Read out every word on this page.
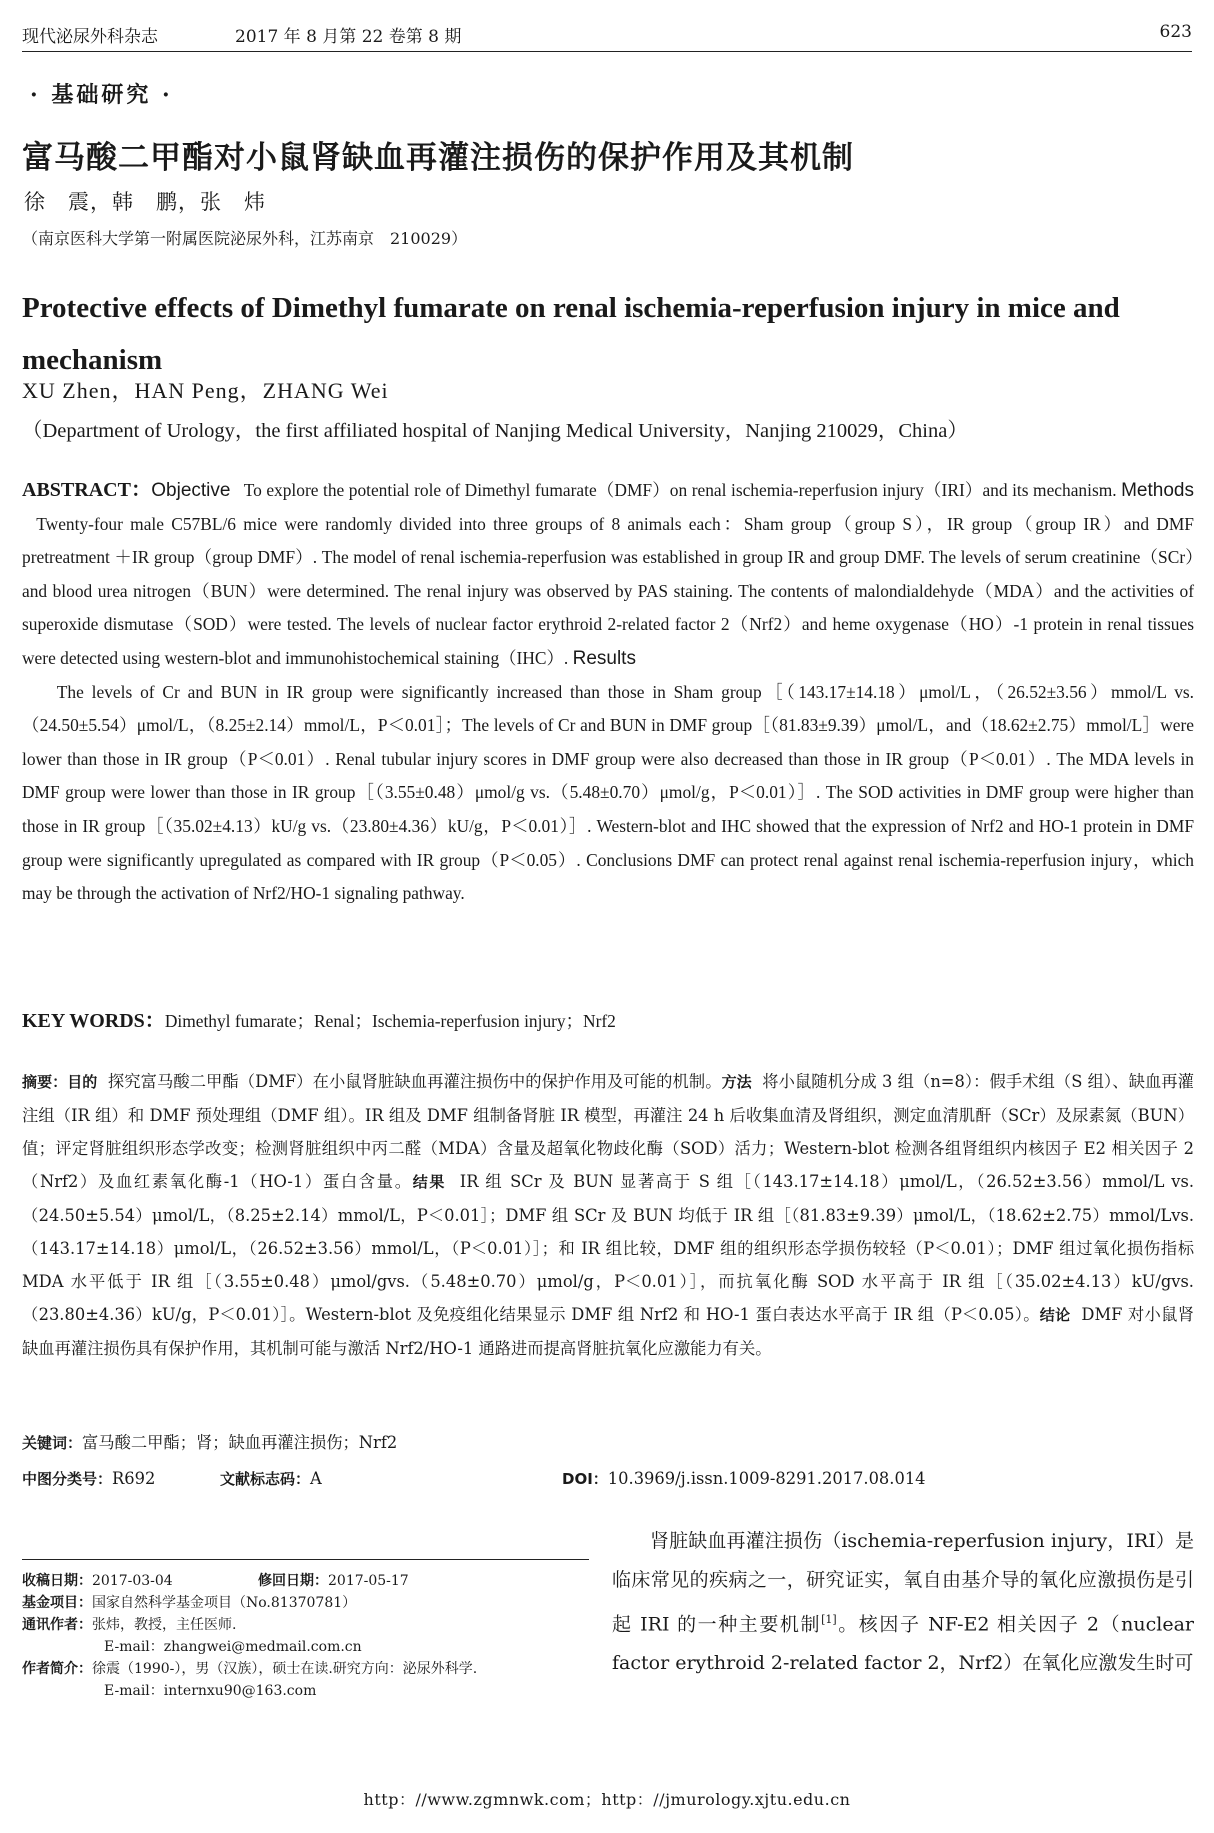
现代泌尿外科杂志	2017 年 8 月第 22 卷第 8 期	623
· 基础研究 ·
富马酸二甲酯对小鼠肾缺血再灌注损伤的保护作用及其机制
徐　震，韩　鹏，张　炜
（南京医科大学第一附属医院泌尿外科，江苏南京　210029）
Protective effects of Dimethyl fumarate on renal ischemia-reperfusion injury in mice and mechanism
XU Zhen，HAN Peng，ZHANG Wei
（Department of Urology，the first affiliated hospital of Nanjing Medical University，Nanjing 210029，China）
ABSTRACT：Objective To explore the potential role of Dimethyl fumarate（DMF）on renal ischemia-reperfusion injury（IRI）and its mechanism. Methods   Twenty-four male C57BL/6 mice were randomly divided into three groups of 8 animals each：Sham group（group S），IR group（group IR）and DMF pretreatment ＋IR group（group DMF）. The model of renal ischemia-reperfusion was established in group IR and group DMF. The levels of serum creatinine（SCr）and blood urea nitrogen（BUN）were determined. The renal injury was observed by PAS staining. The contents of malondialdehyde（MDA）and the activities of superoxide dismutase（SOD）were tested. The levels of nuclear factor erythroid 2-related factor 2（Nrf2）and heme oxygenase（HO）-1 protein in renal tissues were detected using western-blot and immunohistochemical staining（IHC）. Results
The levels of Cr and BUN in IR group were significantly increased than those in Sham group［（143.17±14.18）μmol/L，（26.52±3.56）mmol/L vs.（24.50±5.54）μmol/L，（8.25±2.14）mmol/L，P＜0.01］；The levels of Cr and BUN in DMF group［（81.83±9.39）μmol/L，and（18.62±2.75）mmol/L］were lower than those in IR group（P＜0.01）. Renal tubular injury scores in DMF group were also decreased than those in IR group（P＜0.01）. The MDA levels in DMF group were lower than those in IR group［（3.55±0.48）μmol/g vs.（5.48±0.70）μmol/g，P＜0.01）］. The SOD activities in DMF group were higher than those in IR group［（35.02±4.13）kU/g vs.（23.80±4.36）kU/g，P＜0.01）］. Western-blot and IHC showed that the expression of Nrf2 and HO-1 protein in DMF group were significantly upregulated as compared with IR group（P＜0.05）. Conclusions DMF can protect renal against renal ischemia-reperfusion injury，which may be through the activation of Nrf2/HO-1 signaling pathway.
KEY WORDS：Dimethyl fumarate；Renal；Ischemia-reperfusion injury；Nrf2
摘要：目的 探究富马酸二甲酯（DMF）在小鼠肾脏缺血再灌注损伤中的保护作用及可能的机制。方法 将小鼠随机分成 3 组（n=8）：假手术组（S 组）、缺血再灌注组（IR 组）和 DMF 预处理组（DMF 组）。IR 组及 DMF 组制备肾脏 IR 模型，再灌注 24 h 后收集血清及肾组织，测定血清肌酐（SCr）及尿素氮（BUN）值；评定肾脏组织形态学改变；检测肾脏组织中丙二醛（MDA）含量及超氧化物歧化酶（SOD）活力；Western-blot 检测各组肾组织内核因子 E2 相关因子 2（Nrf2）及血红素氧化酶-1（HO-1）蛋白含量。结果 IR 组 SCr 及 BUN 显著高于 S 组［（143.17±14.18）μmol/L，（26.52±3.56）mmol/L vs.（24.50±5.54）μmol/L，（8.25±2.14）mmol/L，P＜0.01］；DMF 组 SCr 及 BUN 均低于 IR 组［（81.83±9.39）μmol/L，（18.62±2.75）mmol/Lvs.（143.17±14.18）μmol/L，（26.52±3.56）mmol/L，（P＜0.01）］；和 IR 组比较，DMF 组的组织形态学损伤较轻（P＜0.01）；DMF 组过氧化损伤指标 MDA 水平低于 IR 组［（3.55±0.48）μmol/gvs.（5.48±0.70）μmol/g，P＜0.01）］，而抗氧化酶 SOD 水平高于 IR 组［（35.02±4.13）kU/gvs.（23.80±4.36）kU/g，P＜0.01）］。Western-blot 及免疫组化结果显示 DMF 组 Nrf2 和 HO-1 蛋白表达水平高于 IR 组（P＜0.05）。结论 DMF 对小鼠肾缺血再灌注损伤具有保护作用，其机制可能与激活 Nrf2/HO-1 通路进而提高肾脏抗氧化应激能力有关。
关键词：富马酸二甲酯；肾；缺血再灌注损伤；Nrf2
中图分类号：R692	文献标志码：A	DOI：10.3969/j.issn.1009-8291.2017.08.014
收稿日期：2017-03-04	修回日期：2017-05-17
基金项目：国家自然科学基金项目（No.81370781）
通讯作者：张炜，教授，主任医师.
E-mail：zhangwei@medmail.com.cn
作者简介：徐震（1990-），男（汉族），硕士在读.研究方向：泌尿外科学.
E-mail：internxu90@163.com
肾脏缺血再灌注损伤（ischemia-reperfusion injury，IRI）是临床常见的疾病之一，研究证实，氧自由基介导的氧化应激损伤是引起 IRI 的一种主要机制[1]。核因子 NF-E2 相关因子 2（nuclear factor erythroid 2-related factor 2，Nrf2）在氧化应激发生时可
http：//www.zgmnwk.com；http：//jmurology.xjtu.edu.cn
